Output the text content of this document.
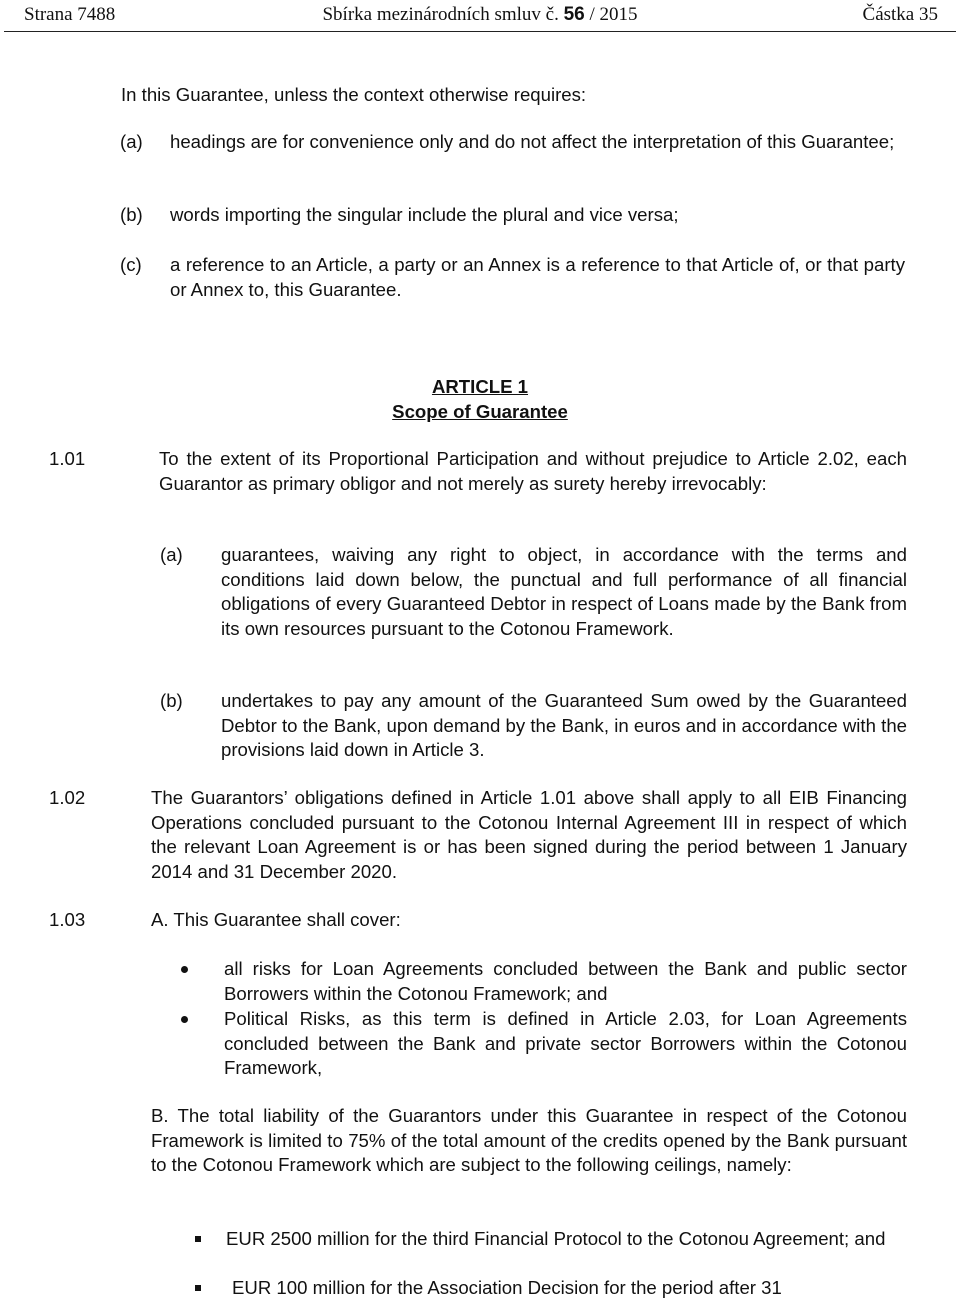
Strana 7488	Sbírka mezinárodních smluv č. 56 / 2015	Částka 35
In this Guarantee, unless the context otherwise requires:
(a) headings are for convenience only and do not affect the interpretation of this Guarantee;
(b) words importing the singular include the plural and vice versa;
(c) a reference to an Article, a party or an Annex is a reference to that Article of, or that party or Annex to, this Guarantee.
ARTICLE 1
Scope of Guarantee
1.01	To the extent of its Proportional Participation and without prejudice to Article 2.02, each Guarantor as primary obligor and not merely as surety hereby irrevocably:
(a) guarantees, waiving any right to object, in accordance with the terms and conditions laid down below, the punctual and full performance of all financial obligations of every Guaranteed Debtor in respect of Loans made by the Bank from its own resources pursuant to the Cotonou Framework.
(b) undertakes to pay any amount of the Guaranteed Sum owed by the Guaranteed Debtor to the Bank, upon demand by the Bank, in euros and in accordance with the provisions laid down in Article 3.
1.02	The Guarantors’ obligations defined in Article 1.01 above shall apply to all EIB Financing Operations concluded pursuant to the Cotonou Internal Agreement III in respect of which the relevant Loan Agreement is or has been signed during the period between 1 January 2014 and 31 December 2020.
1.03	A. This Guarantee shall cover:
all risks for Loan Agreements concluded between the Bank and public sector Borrowers within the Cotonou Framework; and
Political Risks, as this term is defined in Article 2.03, for Loan Agreements concluded between the Bank and private sector Borrowers within the Cotonou Framework,
B. The total liability of the Guarantors under this Guarantee in respect of the Cotonou Framework is limited to 75% of the total amount of the credits opened by the Bank pursuant to the Cotonou Framework which are subject to the following ceilings, namely:
EUR 2500 million for the third Financial Protocol to the Cotonou Agreement; and
EUR 100 million for the Association Decision for the period after 31
